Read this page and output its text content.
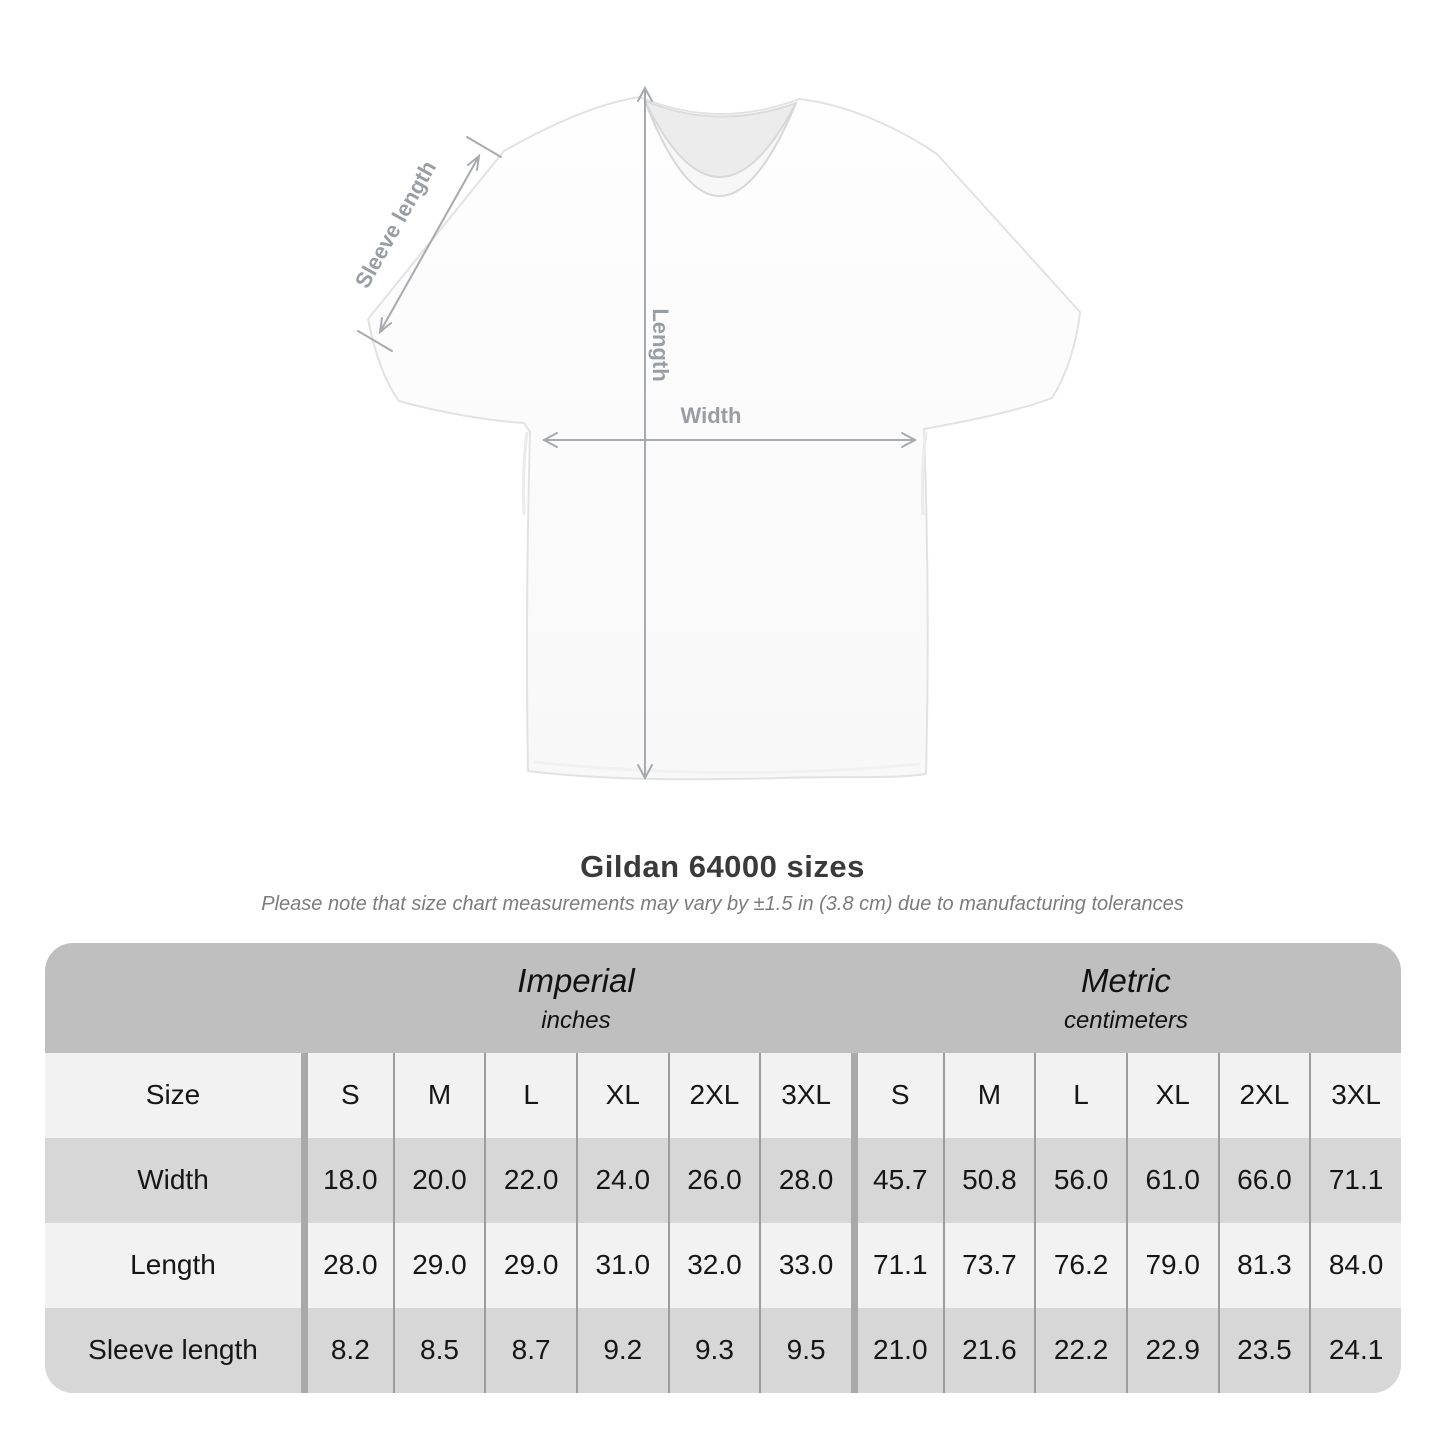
Sleeve length
Length
Width
Gildan 64000 sizes

Please note that size chart measurements may vary by ±1.5 in (3.8 cm) due to manufacturing tolerances

Imperial
inches

Metric
centimeters

Size	S	M	L	XL	2XL	3XL	S	M	L	XL	2XL	3XL
Width	18.0	20.0	22.0	24.0	26.0	28.0	45.7	50.8	56.0	61.0	66.0	71.1
Length	28.0	29.0	29.0	31.0	32.0	33.0	71.1	73.7	76.2	79.0	81.3	84.0
Sleeve length	8.2	8.5	8.7	9.2	9.3	9.5	21.0	21.6	22.2	22.9	23.5	24.1
